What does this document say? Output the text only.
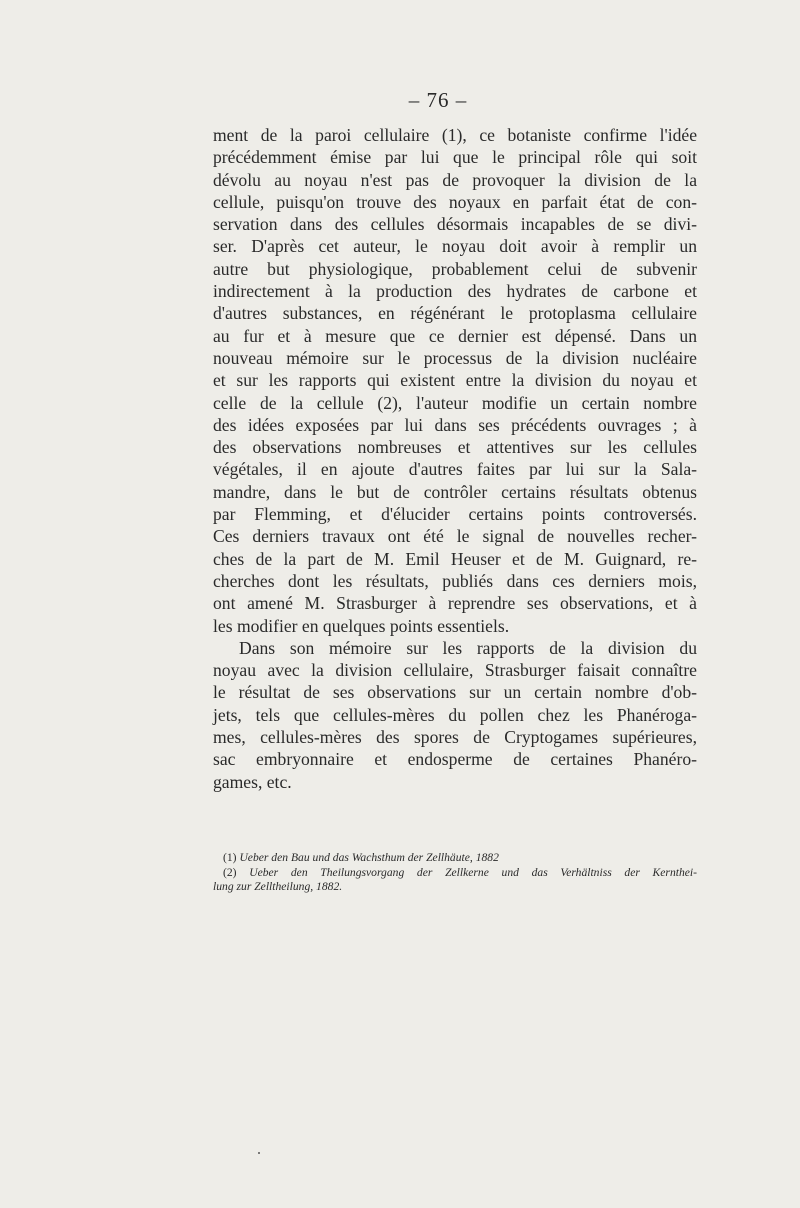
– 76 –
ment de la paroi cellulaire (1), ce botaniste confirme l'idée
précédemment émise par lui que le principal rôle qui soit
dévolu au noyau n'est pas de provoquer la division de la
cellule, puisqu'on trouve des noyaux en parfait état de con-
servation dans des cellules désormais incapables de se divi-
ser. D'après cet auteur, le noyau doit avoir à remplir un
autre but physiologique, probablement celui de subvenir
indirectement à la production des hydrates de carbone et
d'autres substances, en régénérant le protoplasma cellulaire
au fur et à mesure que ce dernier est dépensé. Dans un
nouveau mémoire sur le processus de la division nucléaire
et sur les rapports qui existent entre la division du noyau et
celle de la cellule (2), l'auteur modifie un certain nombre
des idées exposées par lui dans ses précédents ouvrages ; à
des observations nombreuses et attentives sur les cellules
végétales, il en ajoute d'autres faites par lui sur la Sala-
mandre, dans le but de contrôler certains résultats obtenus
par Flemming, et d'élucider certains points controversés.
Ces derniers travaux ont été le signal de nouvelles recher-
ches de la part de M. Emil Heuser et de M. Guignard, re-
cherches dont les résultats, publiés dans ces derniers mois,
ont amené M. Strasburger à reprendre ses observations, et à
les modifier en quelques points essentiels.
Dans son mémoire sur les rapports de la division du
noyau avec la division cellulaire, Strasburger faisait connaître
le résultat de ses observations sur un certain nombre d'ob-
jets, tels que cellules-mères du pollen chez les Phanéroga-
mes, cellules-mères des spores de Cryptogames supérieures,
sac embryonnaire et endosperme de certaines Phanéro-
games, etc.
(1) Ueber den Bau und das Wachsthum der Zellhäute, 1882
(2) Ueber den Theilungsvorgang der Zellkerne und das Verhältniss der Kernthei-
lung zur Zelltheilung, 1882.
